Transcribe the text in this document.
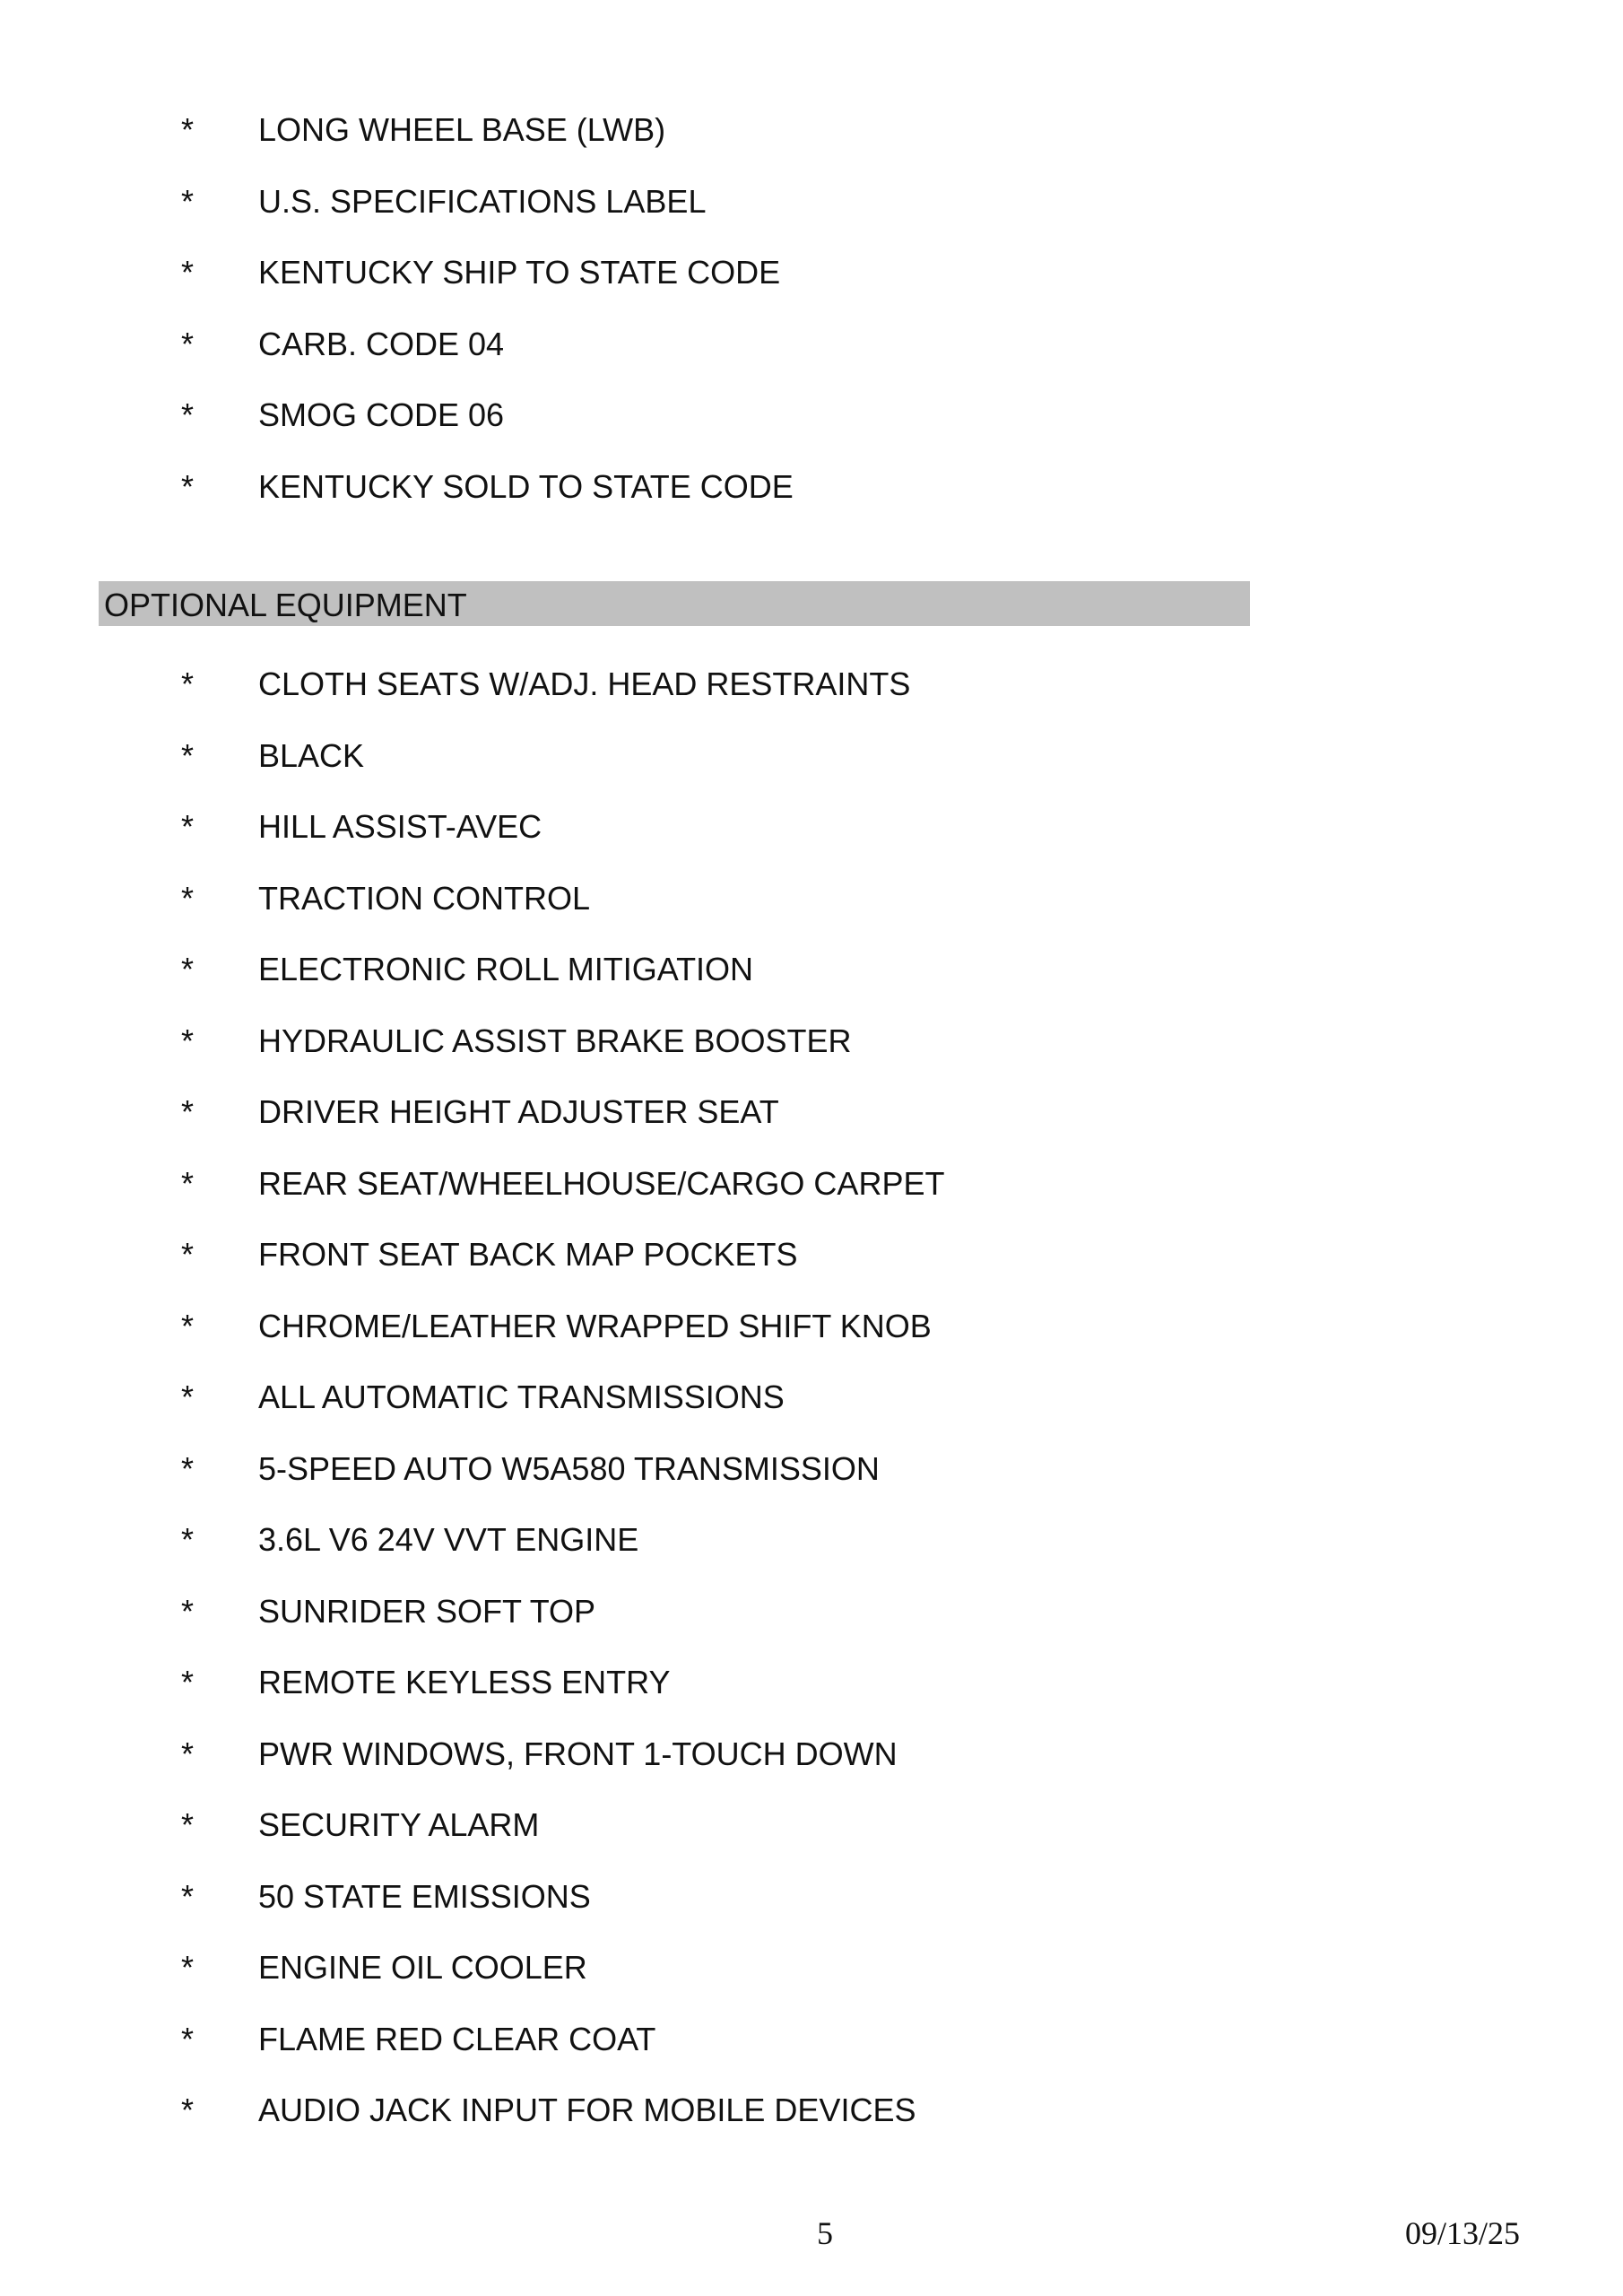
* LONG WHEEL BASE (LWB)
* U.S. SPECIFICATIONS LABEL
* KENTUCKY SHIP TO STATE CODE
* CARB. CODE 04
* SMOG CODE 06
* KENTUCKY SOLD TO STATE CODE
OPTIONAL EQUIPMENT
* CLOTH SEATS W/ADJ. HEAD RESTRAINTS
* BLACK
* HILL ASSIST-AVEC
* TRACTION CONTROL
* ELECTRONIC ROLL MITIGATION
* HYDRAULIC ASSIST BRAKE BOOSTER
* DRIVER HEIGHT ADJUSTER SEAT
* REAR SEAT/WHEELHOUSE/CARGO CARPET
* FRONT SEAT BACK MAP POCKETS
* CHROME/LEATHER WRAPPED SHIFT KNOB
* ALL AUTOMATIC TRANSMISSIONS
* 5-SPEED AUTO W5A580 TRANSMISSION
* 3.6L V6 24V VVT ENGINE
* SUNRIDER SOFT TOP
* REMOTE KEYLESS ENTRY
* PWR WINDOWS, FRONT 1-TOUCH DOWN
* SECURITY ALARM
* 50 STATE EMISSIONS
* ENGINE OIL COOLER
* FLAME RED CLEAR COAT
* AUDIO JACK INPUT FOR MOBILE DEVICES
5	09/13/25
